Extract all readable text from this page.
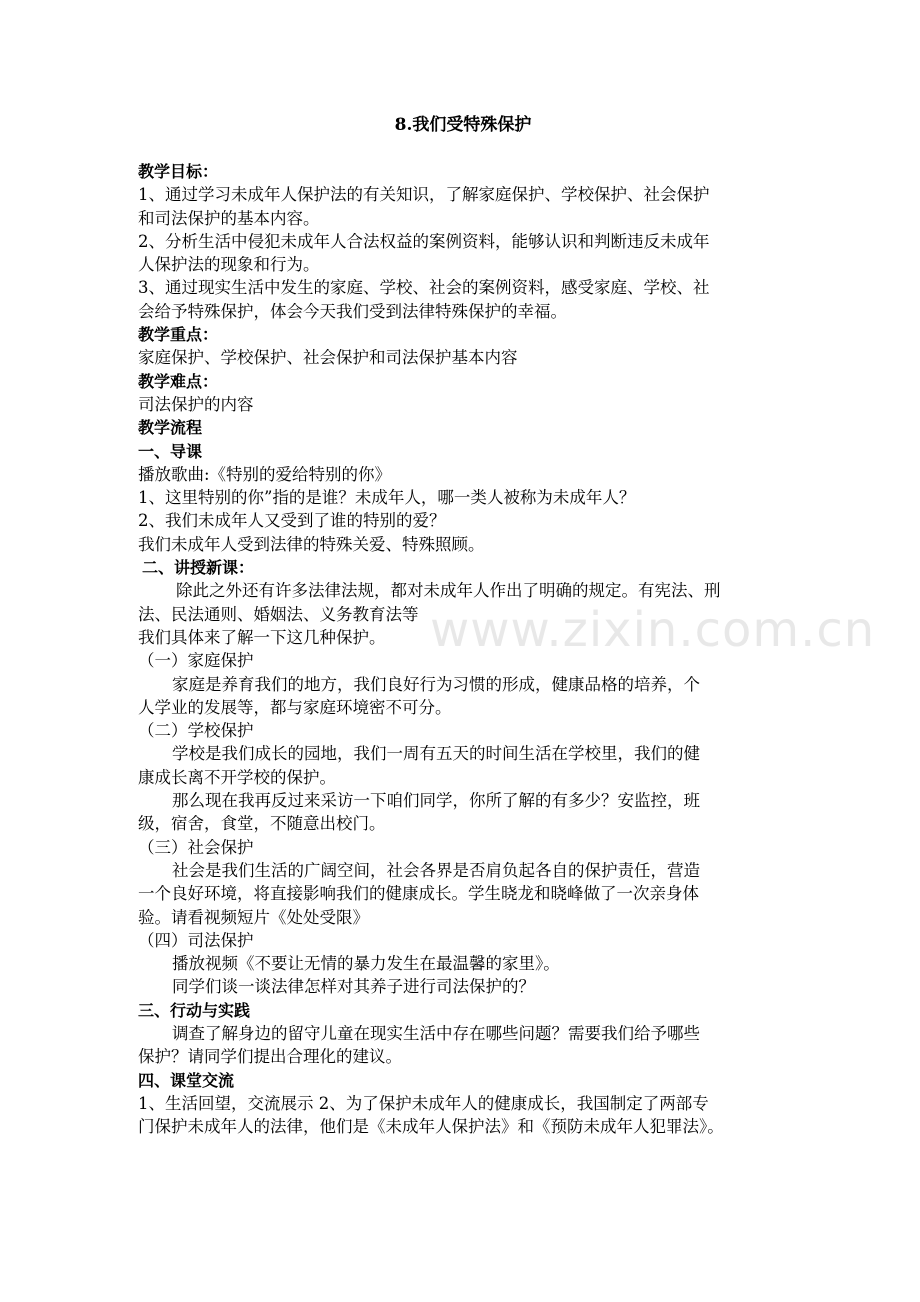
www.zixin.com.cn
8.我们受特殊保护
教学目标：
1、通过学习未成年人保护法的有关知识，了解家庭保护、学校保护、社会保护
和司法保护的基本内容。
2、分析生活中侵犯未成年人合法权益的案例资料，能够认识和判断违反未成年
人保护法的现象和行为。
3、通过现实生活中发生的家庭、学校、社会的案例资料，感受家庭、学校、社
会给予特殊保护，体会今天我们受到法律特殊保护的幸福。
教学重点：
家庭保护、学校保护、社会保护和司法保护基本内容
教学难点：
司法保护的内容
教学流程
一、导课
播放歌曲:《特别的爱给特别的你》
1、这里特别的你”指的是谁？未成年人，哪一类人被称为未成年人？
2、我们未成年人又受到了谁的特别的爱？
我们未成年人受到法律的特殊关爱、特殊照顾。
二、讲授新课：
除此之外还有许多法律法规，都对未成年人作出了明确的规定。有宪法、刑
法、民法通则、婚姻法、义务教育法等
我们具体来了解一下这几种保护。
（一）家庭保护
家庭是养育我们的地方，我们良好行为习惯的形成，健康品格的培养，个
人学业的发展等，都与家庭环境密不可分。
（二）学校保护
学校是我们成长的园地，我们一周有五天的时间生活在学校里，我们的健
康成长离不开学校的保护。
那么现在我再反过来采访一下咱们同学，你所了解的有多少？安监控，班
级，宿舍，食堂，不随意出校门。
（三）社会保护
社会是我们生活的广阔空间，社会各界是否肩负起各自的保护责任，营造
一个良好环境，将直接影响我们的健康成长。学生晓龙和晓峰做了一次亲身体
验。请看视频短片《处处受限》
（四）司法保护
播放视频《不要让无情的暴力发生在最温馨的家里》。
同学们谈一谈法律怎样对其养子进行司法保护的？
三、行动与实践
调查了解身边的留守儿童在现实生活中存在哪些问题？需要我们给予哪些
保护？请同学们提出合理化的建议。
四、课堂交流
1、生活回望，交流展示 2、为了保护未成年人的健康成长，我国制定了两部专
门保护未成年人的法律，他们是《未成年人保护法》和《预防未成年人犯罪法》。
